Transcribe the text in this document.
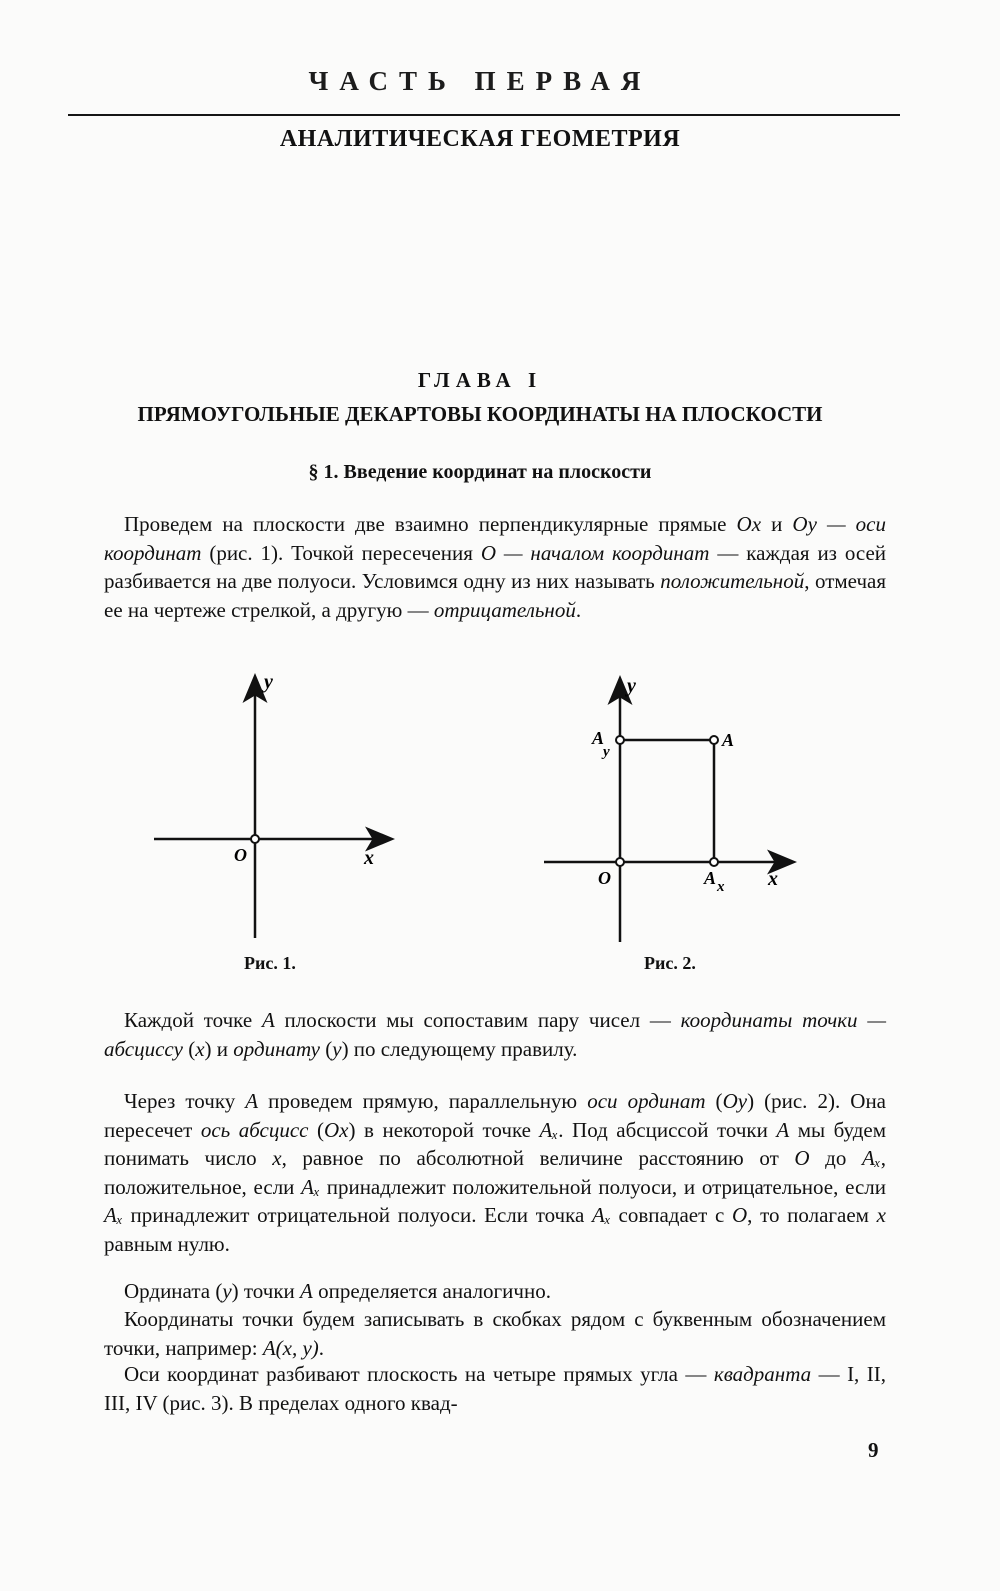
ЧАСТЬ ПЕРВАЯ
АНАЛИТИЧЕСКАЯ ГЕОМЕТРИЯ
ГЛАВА I
ПРЯМОУГОЛЬНЫЕ ДЕКАРТОВЫ КООРДИНАТЫ НА ПЛОСКОСТИ
§ 1. Введение координат на плоскости
Проведем на плоскости две взаимно перпендикулярные прямые Ox и Oy — оси координат (рис. 1). Точкой пересечения O — началом координат — каждая из осей разбивается на две полуоси. Условимся одну из них называть положительной, отмечая ее на чертеже стрелкой, а другую — отрицательной.
y
x
O
Рис. 1.
y
x
O
A
A
y
A x
Рис. 2.
Каждой точке A плоскости мы сопоставим пару чисел — координаты точки — абсциссу (x) и ординату (y) по следующему правилу.
Через точку A проведем прямую, параллельную оси ординат (Oy) (рис. 2). Она пересечет ось абсцисс (Ox) в некоторой точке Aₓ. Под абсциссой точки A мы будем понимать число x, равное по абсолютной величине расстоянию от O до Aₓ, положительное, если Aₓ принадлежит положительной полуоси, и отрицательное, если Aₓ принадлежит отрицательной полуоси. Если точка Aₓ совпадает с O, то полагаем x равным нулю.
Ордината (y) точки A определяется аналогично.
Координаты точки будем записывать в скобках рядом с буквенным обозначением точки, например: A(x, y).
Оси координат разбивают плоскость на четыре прямых угла — квадранта — I, II, III, IV (рис. 3). В пределах одного квад-
9
